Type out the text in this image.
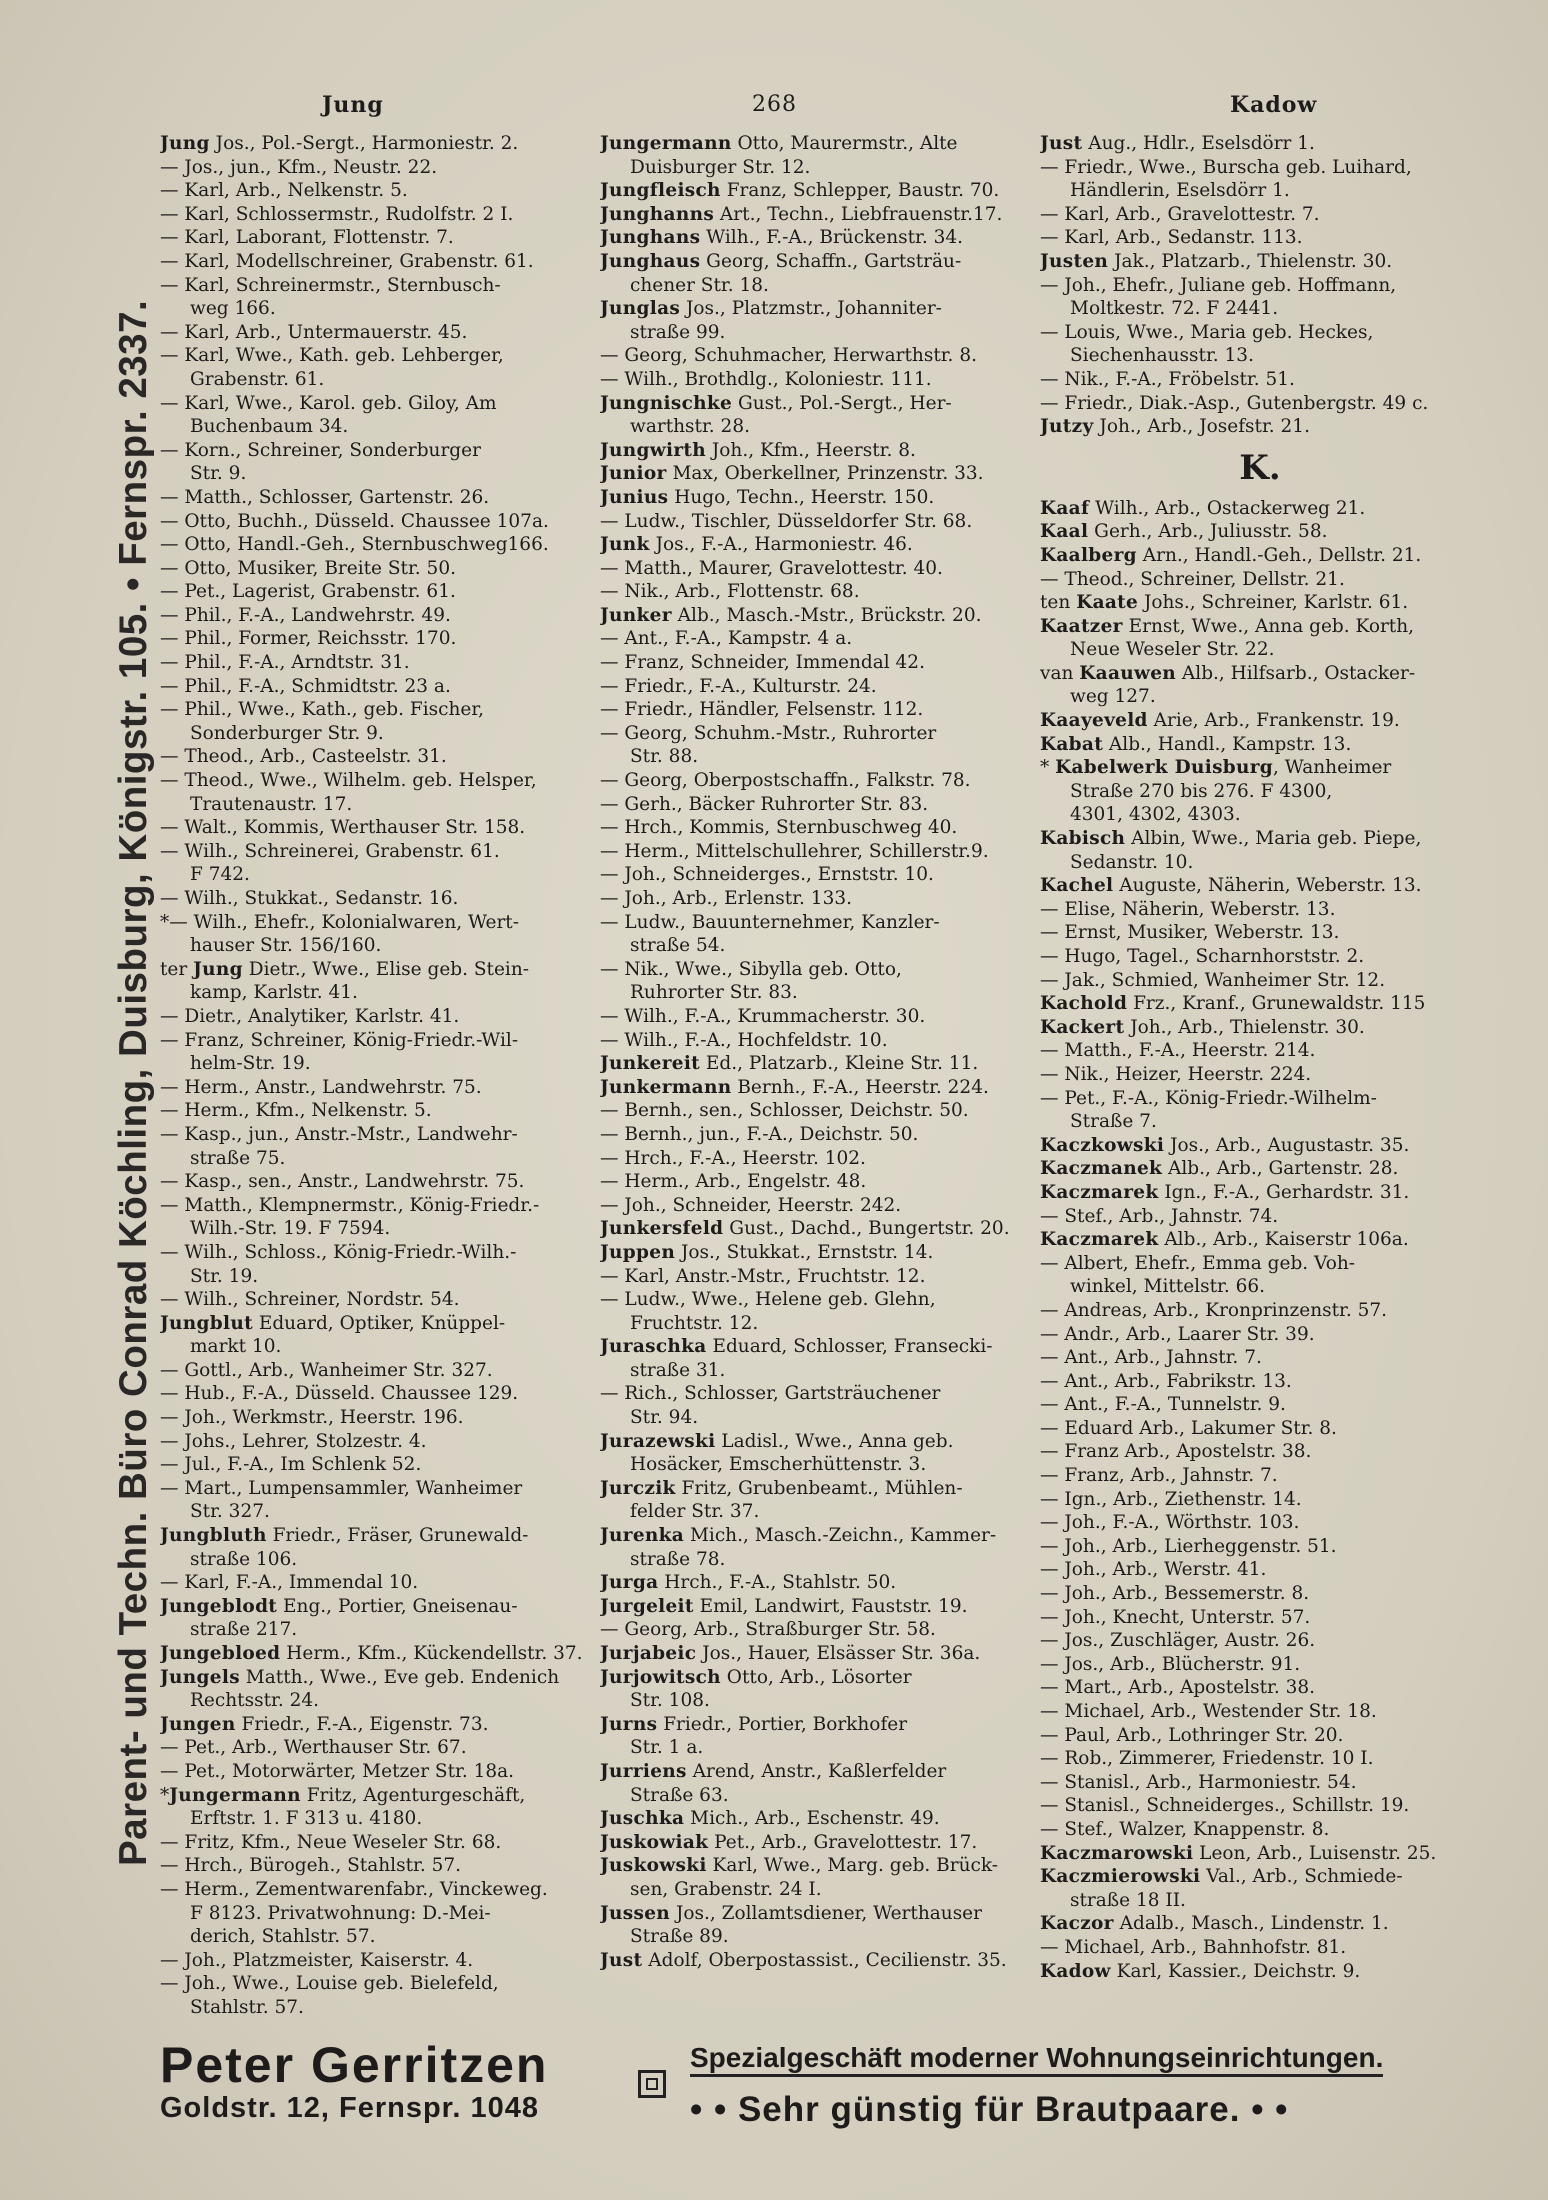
Jung	268	Kadow
Parent- und Techn. Büro Conrad Köchling, Duisburg, Königstr. 105. • Fernspr. 2337.
Jung Jos., Pol.-Sergt., Harmoniestr. 2.
— Jos., jun., Kfm., Neustr. 22.
— Karl, Arb., Nelkenstr. 5.
— Karl, Schlossermstr., Rudolfstr. 2 I.
— Karl, Laborant, Flottenstr. 7.
— Karl, Modellschreiner, Grabenstr. 61.
— Karl, Schreinermstr., Sternbusch-
weg 166.
— Karl, Arb., Untermauerstr. 45.
— Karl, Wwe., Kath. geb. Lehberger,
Grabenstr. 61.
— Karl, Wwe., Karol. geb. Giloy, Am
Buchenbaum 34.
— Korn., Schreiner, Sonderburger
Str. 9.
— Matth., Schlosser, Gartenstr. 26.
— Otto, Buchh., Düsseld. Chaussee 107a.
— Otto, Handl.-Geh., Sternbuschweg166.
— Otto, Musiker, Breite Str. 50.
— Pet., Lagerist, Grabenstr. 61.
— Phil., F.-A., Landwehrstr. 49.
— Phil., Former, Reichsstr. 170.
— Phil., F.-A., Arndtstr. 31.
— Phil., F.-A., Schmidtstr. 23 a.
— Phil., Wwe., Kath., geb. Fischer,
Sonderburger Str. 9.
— Theod., Arb., Casteelstr. 31.
— Theod., Wwe., Wilhelm. geb. Helsper,
Trautenaustr. 17.
— Walt., Kommis, Werthauser Str. 158.
— Wilh., Schreinerei, Grabenstr. 61.
F 742.
— Wilh., Stukkat., Sedanstr. 16.
*— Wilh., Ehefr., Kolonialwaren, Wert-
hauser Str. 156/160.
ter Jung Dietr., Wwe., Elise geb. Stein-
kamp, Karlstr. 41.
— Dietr., Analytiker, Karlstr. 41.
— Franz, Schreiner, König-Friedr.-Wil-
helm-Str. 19.
— Herm., Anstr., Landwehrstr. 75.
— Herm., Kfm., Nelkenstr. 5.
— Kasp., jun., Anstr.-Mstr., Landwehr-
straße 75.
— Kasp., sen., Anstr., Landwehrstr. 75.
— Matth., Klempnermstr., König-Friedr.-
Wilh.-Str. 19. F 7594.
— Wilh., Schloss., König-Friedr.-Wilh.-
Str. 19.
— Wilh., Schreiner, Nordstr. 54.
Jungblut Eduard, Optiker, Knüppel-
markt 10.
— Gottl., Arb., Wanheimer Str. 327.
— Hub., F.-A., Düsseld. Chaussee 129.
— Joh., Werkmstr., Heerstr. 196.
— Johs., Lehrer, Stolzestr. 4.
— Jul., F.-A., Im Schlenk 52.
— Mart., Lumpensammler, Wanheimer
Str. 327.
Jungbluth Friedr., Fräser, Grunewald-
straße 106.
— Karl, F.-A., Immendal 10.
Jungeblodt Eng., Portier, Gneisenau-
straße 217.
Jungebloed Herm., Kfm., Kückendellstr. 37.
Jungels Matth., Wwe., Eve geb. Endenich
Rechtsstr. 24.
Jungen Friedr., F.-A., Eigenstr. 73.
— Pet., Arb., Werthauser Str. 67.
— Pet., Motorwärter, Metzer Str. 18a.
*Jungermann Fritz, Agenturgeschäft,
Erftstr. 1. F 313 u. 4180.
— Fritz, Kfm., Neue Weseler Str. 68.
— Hrch., Bürogeh., Stahlstr. 57.
— Herm., Zementwarenfabr., Vinckeweg.
F 8123. Privatwohnung: D.-Mei-
derich, Stahlstr. 57.
— Joh., Platzmeister, Kaiserstr. 4.
— Joh., Wwe., Louise geb. Bielefeld,
Stahlstr. 57.
Jungermann Otto, Maurermstr., Alte
Duisburger Str. 12.
Jungfleisch Franz, Schlepper, Baustr. 70.
Junghanns Art., Techn., Liebfrauenstr.17.
Junghans Wilh., F.-A., Brückenstr. 34.
Junghaus Georg, Schaffn., Gartsträu-
chener Str. 18.
Junglas Jos., Platzmstr., Johanniter-
straße 99.
— Georg, Schuhmacher, Herwarthstr. 8.
— Wilh., Brothdlg., Koloniestr. 111.
Jungnischke Gust., Pol.-Sergt., Her-
warthstr. 28.
Jungwirth Joh., Kfm., Heerstr. 8.
Junior Max, Oberkellner, Prinzenstr. 33.
Junius Hugo, Techn., Heerstr. 150.
— Ludw., Tischler, Düsseldorfer Str. 68.
Junk Jos., F.-A., Harmoniestr. 46.
— Matth., Maurer, Gravelottestr. 40.
— Nik., Arb., Flottenstr. 68.
Junker Alb., Masch.-Mstr., Brückstr. 20.
— Ant., F.-A., Kampstr. 4 a.
— Franz, Schneider, Immendal 42.
— Friedr., F.-A., Kulturstr. 24.
— Friedr., Händler, Felsenstr. 112.
— Georg, Schuhm.-Mstr., Ruhrorter
Str. 88.
— Georg, Oberpostschaffn., Falkstr. 78.
— Gerh., Bäcker Ruhrorter Str. 83.
— Hrch., Kommis, Sternbuschweg 40.
— Herm., Mittelschullehrer, Schillerstr.9.
— Joh., Schneiderges., Ernststr. 10.
— Joh., Arb., Erlenstr. 133.
— Ludw., Bauunternehmer, Kanzler-
straße 54.
— Nik., Wwe., Sibylla geb. Otto,
Ruhrorter Str. 83.
— Wilh., F.-A., Krummacherstr. 30.
— Wilh., F.-A., Hochfeldstr. 10.
Junkereit Ed., Platzarb., Kleine Str. 11.
Junkermann Bernh., F.-A., Heerstr. 224.
— Bernh., sen., Schlosser, Deichstr. 50.
— Bernh., jun., F.-A., Deichstr. 50.
— Hrch., F.-A., Heerstr. 102.
— Herm., Arb., Engelstr. 48.
— Joh., Schneider, Heerstr. 242.
Junkersfeld Gust., Dachd., Bungertstr. 20.
Juppen Jos., Stukkat., Ernststr. 14.
— Karl, Anstr.-Mstr., Fruchtstr. 12.
— Ludw., Wwe., Helene geb. Glehn,
Fruchtstr. 12.
Juraschka Eduard, Schlosser, Fransecki-
straße 31.
— Rich., Schlosser, Gartsträuchener
Str. 94.
Jurazewski Ladisl., Wwe., Anna geb.
Hosäcker, Emscherhüttenstr. 3.
Jurczik Fritz, Grubenbeamt., Mühlen-
felder Str. 37.
Jurenka Mich., Masch.-Zeichn., Kammer-
straße 78.
Jurga Hrch., F.-A., Stahlstr. 50.
Jurgeleit Emil, Landwirt, Fauststr. 19.
— Georg, Arb., Straßburger Str. 58.
Jurjabeic Jos., Hauer, Elsässer Str. 36a.
Jurjowitsch Otto, Arb., Lösorter
Str. 108.
Jurns Friedr., Portier, Borkhofer
Str. 1 a.
Jurriens Arend, Anstr., Kaßlerfelder
Straße 63.
Juschka Mich., Arb., Eschenstr. 49.
Juskowiak Pet., Arb., Gravelottestr. 17.
Juskowski Karl, Wwe., Marg. geb. Brück-
sen, Grabenstr. 24 I.
Jussen Jos., Zollamtsdiener, Werthauser
Straße 89.
Just Adolf, Oberpostassist., Cecilienstr. 35.
Just Aug., Hdlr., Eselsdörr 1.
— Friedr., Wwe., Burscha geb. Luihard,
Händlerin, Eselsdörr 1.
— Karl, Arb., Gravelottestr. 7.
— Karl, Arb., Sedanstr. 113.
Justen Jak., Platzarb., Thielenstr. 30.
— Joh., Ehefr., Juliane geb. Hoffmann,
Moltkestr. 72. F 2441.
— Louis, Wwe., Maria geb. Heckes,
Siechenhausstr. 13.
— Nik., F.-A., Fröbelstr. 51.
— Friedr., Diak.-Asp., Gutenbergstr. 49 c.
Jutzy Joh., Arb., Josefstr. 21.
K.
Kaaf Wilh., Arb., Ostackerweg 21.
Kaal Gerh., Arb., Juliusstr. 58.
Kaalberg Arn., Handl.-Geh., Dellstr. 21.
— Theod., Schreiner, Dellstr. 21.
ten Kaate Johs., Schreiner, Karlstr. 61.
Kaatzer Ernst, Wwe., Anna geb. Korth,
Neue Weseler Str. 22.
van Kaauwen Alb., Hilfsarb., Ostacker-
weg 127.
Kaayeveld Arie, Arb., Frankenstr. 19.
Kabat Alb., Handl., Kampstr. 13.
* Kabelwerk Duisburg, Wanheimer
Straße 270 bis 276. F 4300,
4301, 4302, 4303.
Kabisch Albin, Wwe., Maria geb. Piepe,
Sedanstr. 10.
Kachel Auguste, Näherin, Weberstr. 13.
— Elise, Näherin, Weberstr. 13.
— Ernst, Musiker, Weberstr. 13.
— Hugo, Tagel., Scharnhorststr. 2.
— Jak., Schmied, Wanheimer Str. 12.
Kachold Frz., Kranf., Grunewaldstr. 115
Kackert Joh., Arb., Thielenstr. 30.
— Matth., F.-A., Heerstr. 214.
— Nik., Heizer, Heerstr. 224.
— Pet., F.-A., König-Friedr.-Wilhelm-
Straße 7.
Kaczkowski Jos., Arb., Augustastr. 35.
Kaczmanek Alb., Arb., Gartenstr. 28.
Kaczmarek Ign., F.-A., Gerhardstr. 31.
— Stef., Arb., Jahnstr. 74.
Kaczmarek Alb., Arb., Kaiserstr 106a.
— Albert, Ehefr., Emma geb. Voh-
winkel, Mittelstr. 66.
— Andreas, Arb., Kronprinzenstr. 57.
— Andr., Arb., Laarer Str. 39.
— Ant., Arb., Jahnstr. 7.
— Ant., Arb., Fabrikstr. 13.
— Ant., F.-A., Tunnelstr. 9.
— Eduard Arb., Lakumer Str. 8.
— Franz Arb., Apostelstr. 38.
— Franz, Arb., Jahnstr. 7.
— Ign., Arb., Ziethenstr. 14.
— Joh., F.-A., Wörthstr. 103.
— Joh., Arb., Lierheggenstr. 51.
— Joh., Arb., Werstr. 41.
— Joh., Arb., Bessemerstr. 8.
— Joh., Knecht, Unterstr. 57.
— Jos., Zuschläger, Austr. 26.
— Jos., Arb., Blücherstr. 91.
— Mart., Arb., Apostelstr. 38.
— Michael, Arb., Westender Str. 18.
— Paul, Arb., Lothringer Str. 20.
— Rob., Zimmerer, Friedenstr. 10 I.
— Stanisl., Arb., Harmoniestr. 54.
— Stanisl., Schneiderges., Schillstr. 19.
— Stef., Walzer, Knappenstr. 8.
Kaczmarowski Leon, Arb., Luisenstr. 25.
Kaczmierowski Val., Arb., Schmiede-
straße 18 II.
Kaczor Adalb., Masch., Lindenstr. 1.
— Michael, Arb., Bahnhofstr. 81.
Kadow Karl, Kassier., Deichstr. 9.
Peter Gerritzen
Goldstr. 12, Fernspr. 1048
Spezialgeschäft moderner Wohnungseinrichtungen.
• • Sehr günstig für Brautpaare. • •
